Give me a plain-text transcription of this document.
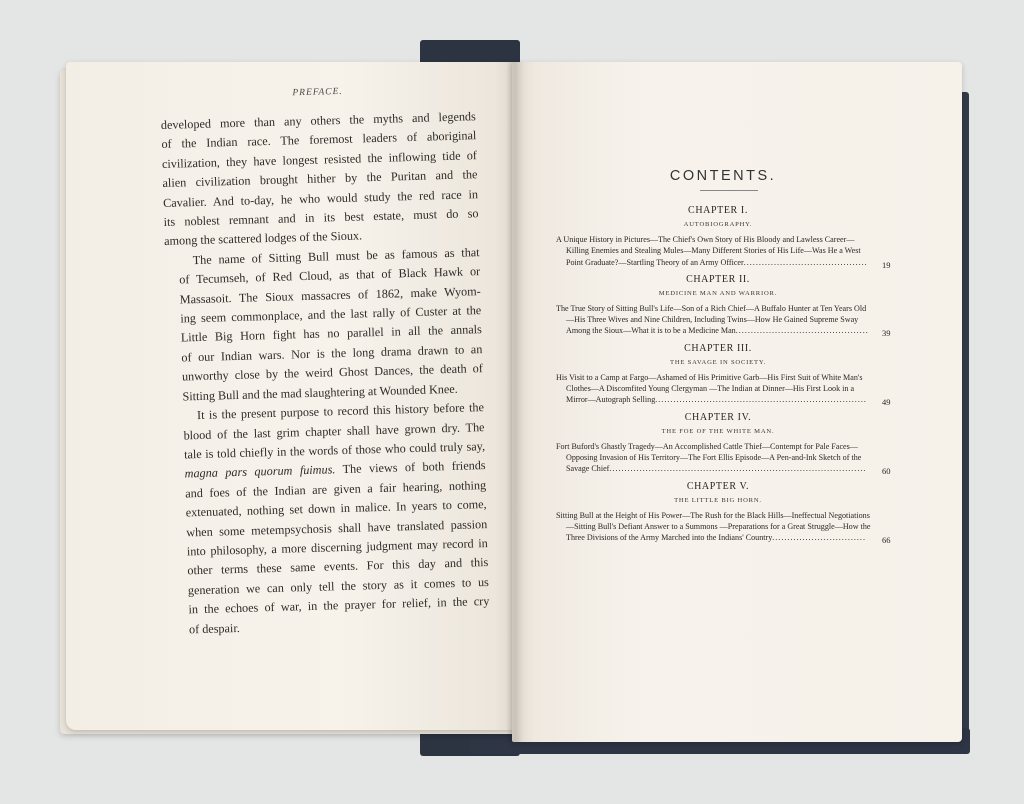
PREFACE.
developed more than any others the myths and legends
of the Indian race. The foremost leaders of aboriginal
civilization, they have longest resisted the inflowing tide of
alien civilization brought hither by the Puritan and the
Cavalier. And to-day, he who would study the red race in
its noblest remnant and in its best estate, must do so
among the scattered lodges of the Sioux.
The name of Sitting Bull must be as famous as that
of Tecumseh, of Red Cloud, as that of Black Hawk or
Massasoit. The Sioux massacres of 1862, make Wyom-
ing seem commonplace, and the last rally of Custer at the
Little Big Horn fight has no parallel in all the annals
of our Indian wars. Nor is the long drama drawn to an
unworthy close by the weird Ghost Dances, the death of
Sitting Bull and the mad slaughtering at Wounded Knee.
It is the present purpose to record this history before the
blood of the last grim chapter shall have grown dry. The
tale is told chiefly in the words of those who could truly say,
magna pars quorum fuimus. The views of both friends
and foes of the Indian are given a fair hearing, nothing
extenuated, nothing set down in malice. In years to come,
when some metempsychosis shall have translated passion
into philosophy, a more discerning judgment may record in
other terms these same events. For this day and this
generation we can only tell the story as it comes to us
in the echoes of war, in the prayer for relief, in the cry
of despair.
CONTENTS.
CHAPTER I.
AUTOBIOGRAPHY.
A Unique History in Pictures—The Chief's Own Story of His Bloody and Lawless Career—Killing Enemies and Stealing Mules—Many Different Stories of His Life—Was He a West Point Graduate?—Startling Theory of an Army Officer.........................................
CHAPTER II.
MEDICINE MAN AND WARRIOR.
The True Story of Sitting Bull's Life—Son of a Rich Chief—A Buffalo Hunter at Ten Years Old—His Three Wives and Nine Children, Including Twins—How He Gained Supreme Sway Among the Sioux—What it is to be a Medicine Man............................................
CHAPTER III.
THE SAVAGE IN SOCIETY.
His Visit to a Camp at Fargo—Ashamed of His Primitive Garb—His First Suit of White Man's Clothes—A Discomfited Young Clergyman —The Indian at Dinner—His First Look in a Mirror—Autograph Selling......................................................................
CHAPTER IV.
THE FOE OF THE WHITE MAN.
Fort Buford's Ghastly Tragedy—An Accomplished Cattle Thief—Contempt for Pale Faces—Opposing Invasion of His Territory—The Fort Ellis Episode—A Pen-and-Ink Sketch of the Savage Chief.....................................................................................
CHAPTER V.
THE LITTLE BIG HORN.
Sitting Bull at the Height of His Power—The Rush for the Black Hills—Ineffectual Negotiations—Sitting Bull's Defiant Answer to a Summons —Preparations for a Great Struggle—How the Three Divisions of the Army Marched into the Indians' Country...............................
